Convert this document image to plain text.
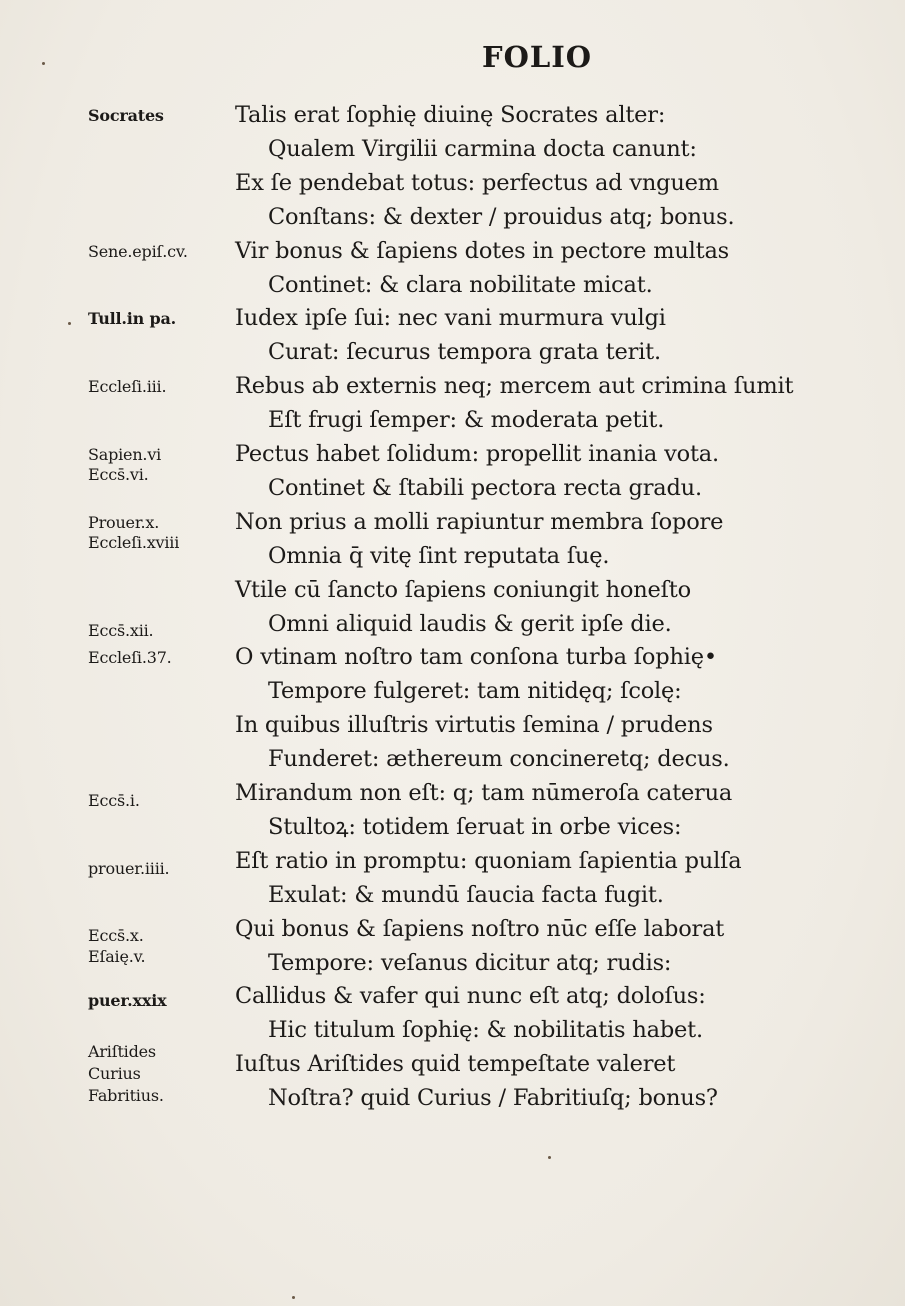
FOLIO
Talis erat ſophię diuinę Socrates alter:
Qualem Virgilii carmina docta canunt:
Ex ſe pendebat totus: perfectus ad vnguem
Conſtans: & dexter / prouidus atq; bonus.
Vir bonus & ſapiens dotes in pectore multas
Continet: & clara nobilitate micat.
Iudex ipſe ſui: nec vani murmura vulgi
Curat: ſecurus tempora grata terit.
Rebus ab externis neq; mercem aut crimina ſumit
Eſt frugi ſemper: & moderata petit.
Pectus habet ſolidum: propellit inania vota.
Continet & ſtabili pectora recta gradu.
Non prius a molli rapiuntur membra ſopore
Omnia q̄ vitę ſint reputata ſuę.
Vtile cū ſancto ſapiens coniungit honeſto
Omni aliquid laudis & gerit ipſe die.
O vtinam noſtro tam conſona turba ſophię•
Tempore fulgeret: tam nitidęq; ſcolę:
In quibus illuſtris virtutis ſemina / prudens
Funderet: æthereum concineretq; decus.
Mirandum non eſt: q; tam nūmeroſa caterua
Stultoꝝ: totidem ſeruat in orbe vices:
Eſt ratio in promptu: quoniam ſapientia pulſa
Exulat: & mundū ſaucia facta fugit.
Qui bonus & ſapiens noſtro nūc eſſe laborat
Tempore: veſanus dicitur atq; rudis:
Callidus & vafer qui nunc eſt atq; doloſus:
Hic titulum ſophię: & nobilitatis habet.
Iuſtus Ariſtides quid tempeſtate valeret
Noſtra? quid Curius / Fabritiuſq; bonus?
Socrates
Sene.epiſ.cv.
Tull.in pa.
Eccleſi.iii.
Sapien.vi
Eccs̄.vi.
Prouer.x.
Eccleſi.xviii
Eccs̄.xii.
Eccleſi.37.
Eccs̄.i.
prouer.iiii.
Eccs̄.x.
Eſaię.v.
puer.xxix
Ariſtides
Curius
Fabritius.
